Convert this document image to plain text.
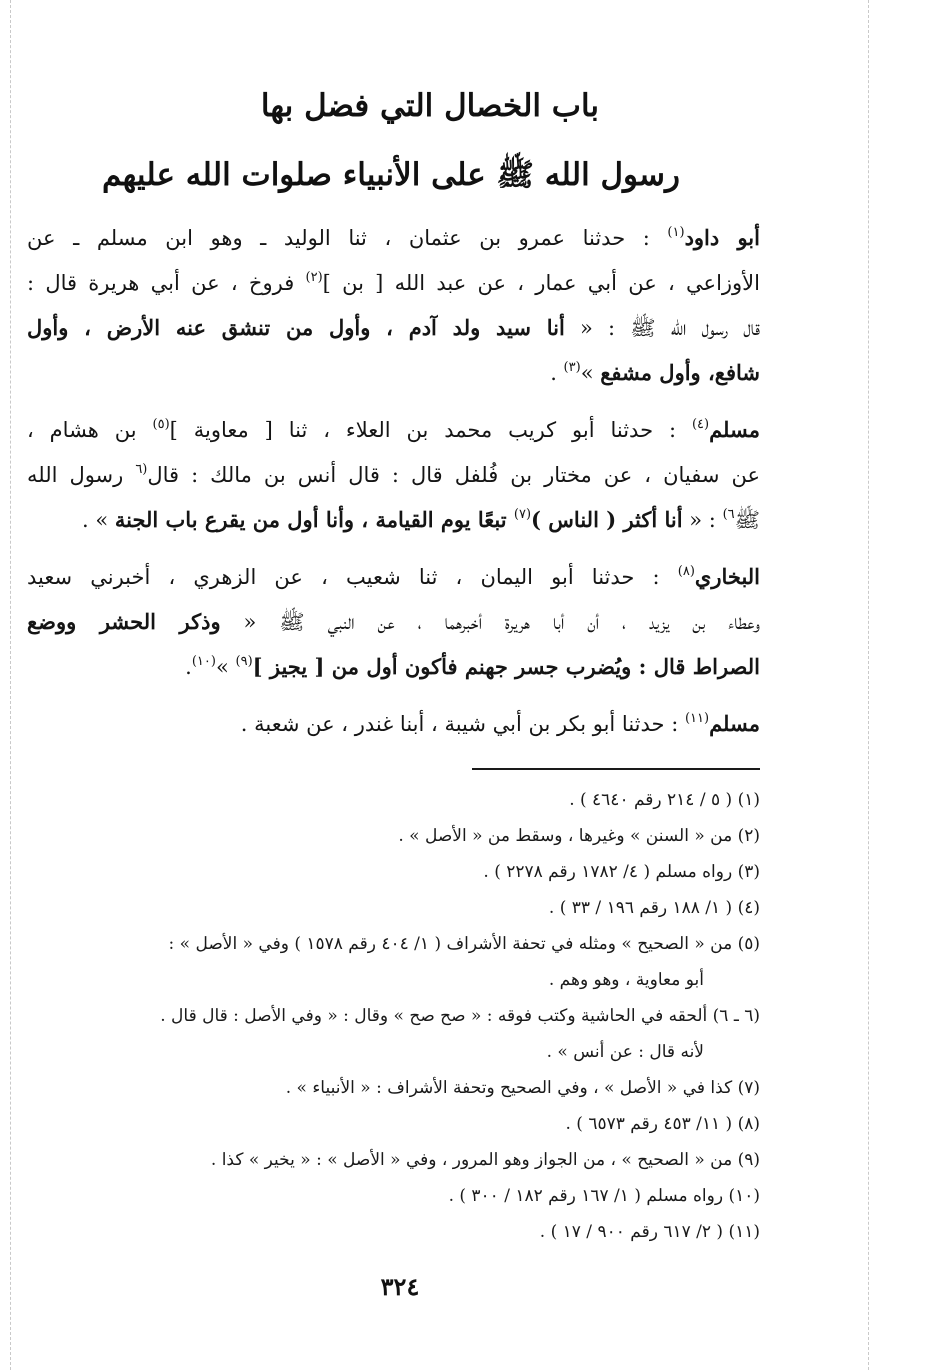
باب الخصال التي فضل بها
رسول الله ﷺ على الأنبياء صلوات الله عليهم
أبو داود$^{(١)}$ : حدثنا عمرو بن عثمان ، ثنا الوليد ـ وهو ابن مسلم ـ عن
الأوزاعي ، عن أبي عمار ، عن عبد الله [ بن ]$^{(٢)}$ فروخ ، عن أبي هريرة قال :
قال رسول الله ﷺ : « أنا سيد ولد آدم ، وأول من تنشق عنه الأرض ، وأول
شافع، وأول مشفع »$^{(٣)}$ .
مسلم$^{(٤)}$ : حدثنا أبو كريب محمد بن العلاء ، ثنا [ معاوية ]$^{(٥)}$ بن هشام ،
عن سفيان ، عن مختار بن فُلفل قال : قال أنس بن مالك : قال$^{(٦}$ رسول الله
ﷺ$^{٦)}$ : « أنا أكثر ( الناس )$^{(٧)}$ تبعًا يوم القيامة ، وأنا أول من يقرع باب الجنة » .
البخاري$^{(٨)}$ : حدثنا أبو اليمان ، ثنا شعيب ، عن الزهري ، أخبرني سعيد
وعطاء بن يزيد ، أن أبا هريرة أخبرهما ، عن النبي ﷺ « وذكر الحشر ووضع
الصراط قال : ويُضرب جسر جهنم فأكون أول من [ يجيز ]$^{(٩)}$ »$^{(١٠)}$.
مسلم$^{(١١)}$ : حدثنا أبو بكر بن أبي شيبة ، أبنا غندر ، عن شعبة .
(١) ( ٥ / ٢١٤ رقم ٤٦٤٠ ) .
(٢) من « السنن » وغيرها ، وسقط من « الأصل » .
(٣) رواه مسلم ( ٤/ ١٧٨٢ رقم ٢٢٧٨ ) .
(٤) ( ١/ ١٨٨ رقم ١٩٦ / ٣٣ ) .
(٥) من « الصحيح » ومثله في تحفة الأشراف ( ١/ ٤٠٤ رقم ١٥٧٨ ) وفي « الأصل » :
أبو معاوية ، وهو وهم .
(٦ ـ ٦) ألحقه في الحاشية وكتب فوقه : « صح صح » وقال : « وفي الأصل : قال قال .
لأنه قال : عن أنس » .
(٧) كذا في « الأصل » ، وفي الصحيح وتحفة الأشراف : « الأنبياء » .
(٨) ( ١١/ ٤٥٣ رقم ٦٥٧٣ ) .
(٩) من « الصحيح » ، من الجواز وهو المرور ، وفي « الأصل » : « يخير » كذا .
(١٠) رواه مسلم ( ١/ ١٦٧ رقم ١٨٢ / ٣٠٠ ) .
(١١) ( ٢/ ٦١٧ رقم ٩٠٠ / ١٧ ) .
٣٢٤
